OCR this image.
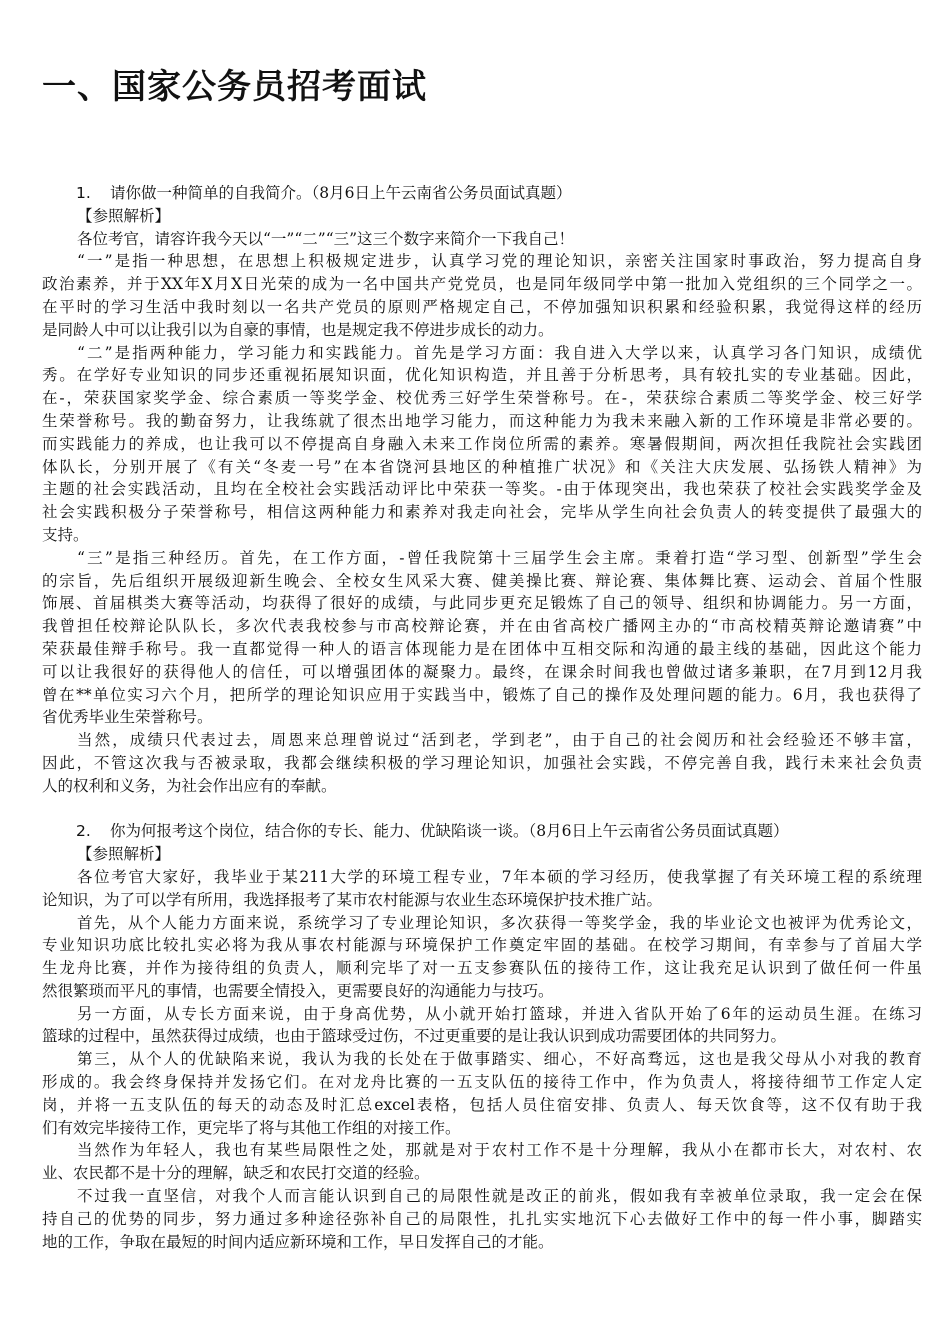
一、国家公务员招考面试
1. 请你做一种简单的自我简介。（8月6日上午云南省公务员面试真题）
【参照解析】
各位考官，请容许我今天以“一”“二”“三”这三个数字来简介一下我自己！
“一”是指一种思想，在思想上积极规定进步，认真学习党的理论知识，亲密关注国家时事政治，努力提高自身
政治素养，并于XX年X月X日光荣的成为一名中国共产党党员，也是同年级同学中第一批加入党组织的三个同学之一。
在平时的学习生活中我时刻以一名共产党员的原则严格规定自己，不停加强知识积累和经验积累，我觉得这样的经历
是同龄人中可以让我引以为自豪的事情，也是规定我不停进步成长的动力。
“二”是指两种能力，学习能力和实践能力。首先是学习方面：我自进入大学以来，认真学习各门知识，成绩优
秀。在学好专业知识的同步还重视拓展知识面，优化知识构造，并且善于分析思考，具有较扎实的专业基础。因此，
在-，荣获国家奖学金、综合素质一等奖学金、校优秀三好学生荣誉称号。在-，荣获综合素质二等奖学金、校三好学
生荣誉称号。我的勤奋努力，让我练就了很杰出地学习能力，而这种能力为我未来融入新的工作环境是非常必要的。
而实践能力的养成，也让我可以不停提高自身融入未来工作岗位所需的素养。寒暑假期间，两次担任我院社会实践团
体队长，分别开展了《有关“冬麦一号”在本省饶河县地区的种植推广状况》和《关注大庆发展、弘扬铁人精神》为
主题的社会实践活动，且均在全校社会实践活动评比中荣获一等奖。-由于体现突出，我也荣获了校社会实践奖学金及
社会实践积极分子荣誉称号，相信这两种能力和素养对我走向社会，完毕从学生向社会负责人的转变提供了最强大的
支持。
“三”是指三种经历。首先，在工作方面，-曾任我院第十三届学生会主席。秉着打造“学习型、创新型”学生会
的宗旨，先后组织开展级迎新生晚会、全校女生风采大赛、健美操比赛、辩论赛、集体舞比赛、运动会、首届个性服
饰展、首届棋类大赛等活动，均获得了很好的成绩，与此同步更充足锻炼了自己的领导、组织和协调能力。另一方面，
我曾担任校辩论队队长，多次代表我校参与市高校辩论赛，并在由省高校广播网主办的“市高校精英辩论邀请赛”中
荣获最佳辩手称号。我一直都觉得一种人的语言体现能力是在团体中互相交际和沟通的最主线的基础，因此这个能力
可以让我很好的获得他人的信任，可以增强团体的凝聚力。最终，在课余时间我也曾做过诸多兼职，在7月到12月我
曾在**单位实习六个月，把所学的理论知识应用于实践当中，锻炼了自己的操作及处理问题的能力。6月，我也获得了
省优秀毕业生荣誉称号。
当然，成绩只代表过去，周恩来总理曾说过“活到老，学到老”，由于自己的社会阅历和社会经验还不够丰富，
因此，不管这次我与否被录取，我都会继续积极的学习理论知识，加强社会实践，不停完善自我，践行未来社会负责
人的权利和义务，为社会作出应有的奉献。
2. 你为何报考这个岗位，结合你的专长、能力、优缺陷谈一谈。（8月6日上午云南省公务员面试真题）
【参照解析】
各位考官大家好，我毕业于某211大学的环境工程专业，7年本硕的学习经历，使我掌握了有关环境工程的系统理
论知识，为了可以学有所用，我选择报考了某市农村能源与农业生态环境保护技术推广站。
首先，从个人能力方面来说，系统学习了专业理论知识，多次获得一等奖学金，我的毕业论文也被评为优秀论文，
专业知识功底比较扎实必将为我从事农村能源与环境保护工作奠定牢固的基础。在校学习期间，有幸参与了首届大学
生龙舟比赛，并作为接待组的负责人，顺利完毕了对一五支参赛队伍的接待工作，这让我充足认识到了做任何一件虽
然很繁琐而平凡的事情，也需要全情投入，更需要良好的沟通能力与技巧。
另一方面，从专长方面来说，由于身高优势，从小就开始打篮球，并进入省队开始了6年的运动员生涯。在练习
篮球的过程中，虽然获得过成绩，也由于篮球受过伤，不过更重要的是让我认识到成功需要团体的共同努力。
第三，从个人的优缺陷来说，我认为我的长处在于做事踏实、细心，不好高骛远，这也是我父母从小对我的教育
形成的。我会终身保持并发扬它们。在对龙舟比赛的一五支队伍的接待工作中，作为负责人，将接待细节工作定人定
岗，并将一五支队伍的每天的动态及时汇总excel表格，包括人员住宿安排、负责人、每天饮食等，这不仅有助于我
们有效完毕接待工作，更完毕了将与其他工作组的对接工作。
当然作为年轻人，我也有某些局限性之处，那就是对于农村工作不是十分理解，我从小在都市长大，对农村、农
业、农民都不是十分的理解，缺乏和农民打交道的经验。
不过我一直坚信，对我个人而言能认识到自己的局限性就是改正的前兆，假如我有幸被单位录取，我一定会在保
持自己的优势的同步，努力通过多种途径弥补自己的局限性，扎扎实实地沉下心去做好工作中的每一件小事，脚踏实
地的工作，争取在最短的时间内适应新环境和工作，早日发挥自己的才能。
